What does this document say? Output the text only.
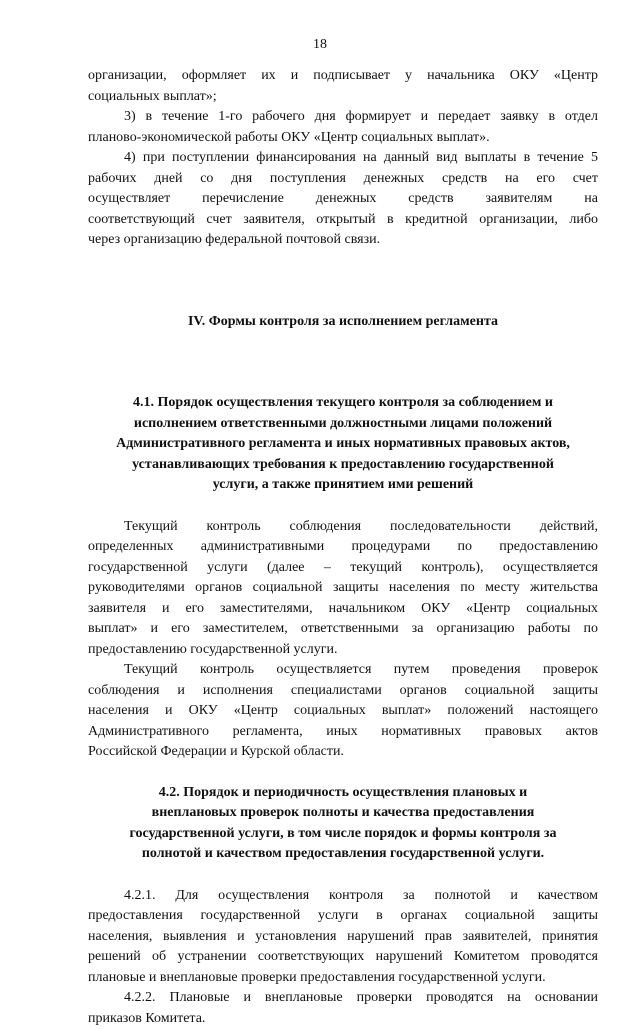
18
организации, оформляет их и подписывает у начальника ОКУ «Центр
социальных выплат»;
3) в течение 1-го рабочего дня формирует и передает заявку в отдел
планово-экономической работы ОКУ «Центр социальных выплат».
4) при поступлении финансирования на данный вид выплаты в течение 5
рабочих дней со дня поступления денежных средств на его счет
осуществляет перечисление денежных средств заявителям на
соответствующий счет заявителя, открытый в кредитной организации, либо
через организацию федеральной почтовой связи.

IV. Формы контроля за исполнением регламента

4.1. Порядок осуществления текущего контроля за соблюдением и
исполнением ответственными должностными лицами положений
Административного регламента и иных нормативных правовых актов,
устанавливающих требования к предоставлению государственной
услуги, а также принятием ими решений
Текущий контроль соблюдения последовательности действий,
определенных административными процедурами по предоставлению
государственной услуги (далее – текущий контроль), осуществляется
руководителями органов социальной защиты населения по месту жительства
заявителя и его заместителями, начальником ОКУ «Центр социальных
выплат» и его заместителем, ответственными за организацию работы по
предоставлению государственной услуги.
Текущий контроль осуществляется путем проведения проверок
соблюдения и исполнения специалистами органов социальной защиты
населения и ОКУ «Центр социальных выплат» положений настоящего
Административного регламента, иных нормативных правовых актов
Российской Федерации и Курской области.
4.2. Порядок и периодичность осуществления плановых и
внеплановых проверок полноты и качества предоставления
государственной услуги, в том числе порядок и формы контроля за
полнотой и качеством предоставления государственной услуги.
4.2.1. Для осуществления контроля за полнотой и качеством
предоставления государственной услуги в органах социальной защиты
населения, выявления и установления нарушений прав заявителей, принятия
решений об устранении соответствующих нарушений Комитетом проводятся
плановые и внеплановые проверки предоставления государственной услуги.
4.2.2. Плановые и внеплановые проверки проводятся на основании
приказов Комитета.
